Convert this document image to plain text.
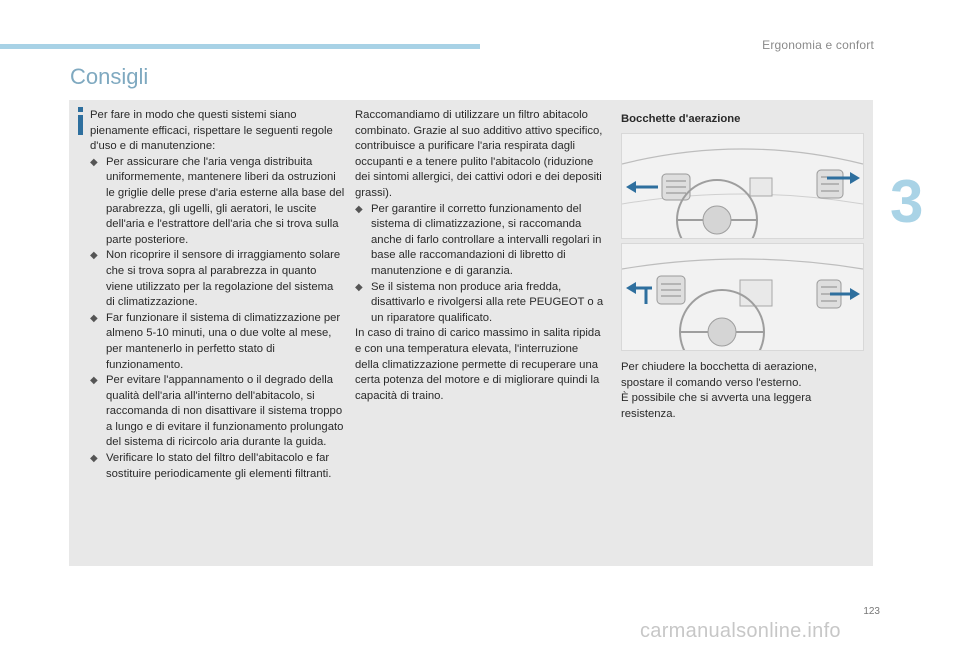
Ergonomia e confort
Consigli
3

Per fare in modo che questi sistemi siano pienamente efficaci, rispettare le seguenti regole d'uso e di manutenzione:

◆ Per assicurare che l'aria venga distribuita uniformemente, mantenere liberi da ostruzioni le griglie delle prese d'aria esterne alla base del parabrezza, gli ugelli, gli aeratori, le uscite dell'aria e l'estrattore dell'aria che si trova sulla parte posteriore.

◆ Non ricoprire il sensore di irraggiamento solare che si trova sopra al parabrezza in quanto viene utilizzato per la regolazione del sistema di climatizzazione.

◆ Far funzionare il sistema di climatizzazione per almeno 5-10 minuti, una o due volte al mese, per mantenerlo in perfetto stato di funzionamento.

◆ Per evitare l'appannamento o il degrado della qualità dell'aria all'interno dell'abitacolo, si raccomanda di non disattivare il sistema troppo a lungo e di evitare il funzionamento prolungato del sistema di ricircolo aria durante la guida.

◆ Verificare lo stato del filtro dell'abitacolo e far sostituire periodicamente gli elementi filtranti.

Raccomandiamo di utilizzare un filtro abitacolo combinato. Grazie al suo additivo attivo specifico, contribuisce a purificare l'aria respirata dagli occupanti e a tenere pulito l'abitacolo (riduzione dei sintomi allergici, dei cattivi odori e dei depositi grassi).

◆ Per garantire il corretto funzionamento del sistema di climatizzazione, si raccomanda anche di farlo controllare a intervalli regolari in base alle raccomandazioni di libretto di manutenzione e di garanzia.

◆ Se il sistema non produce aria fredda, disattivarlo e rivolgersi alla rete PEUGEOT o a un riparatore qualificato.

In caso di traino di carico massimo in salita ripida e con una temperatura elevata, l'interruzione della climatizzazione permette di recuperare una certa potenza del motore e di migliorare quindi la capacità di traino.

Bocchette d'aerazione

Per chiudere la bocchetta di aerazione, spostare il comando verso l'esterno.

È possibile che si avverta una leggera resistenza.

123
carmanualsonline.info
